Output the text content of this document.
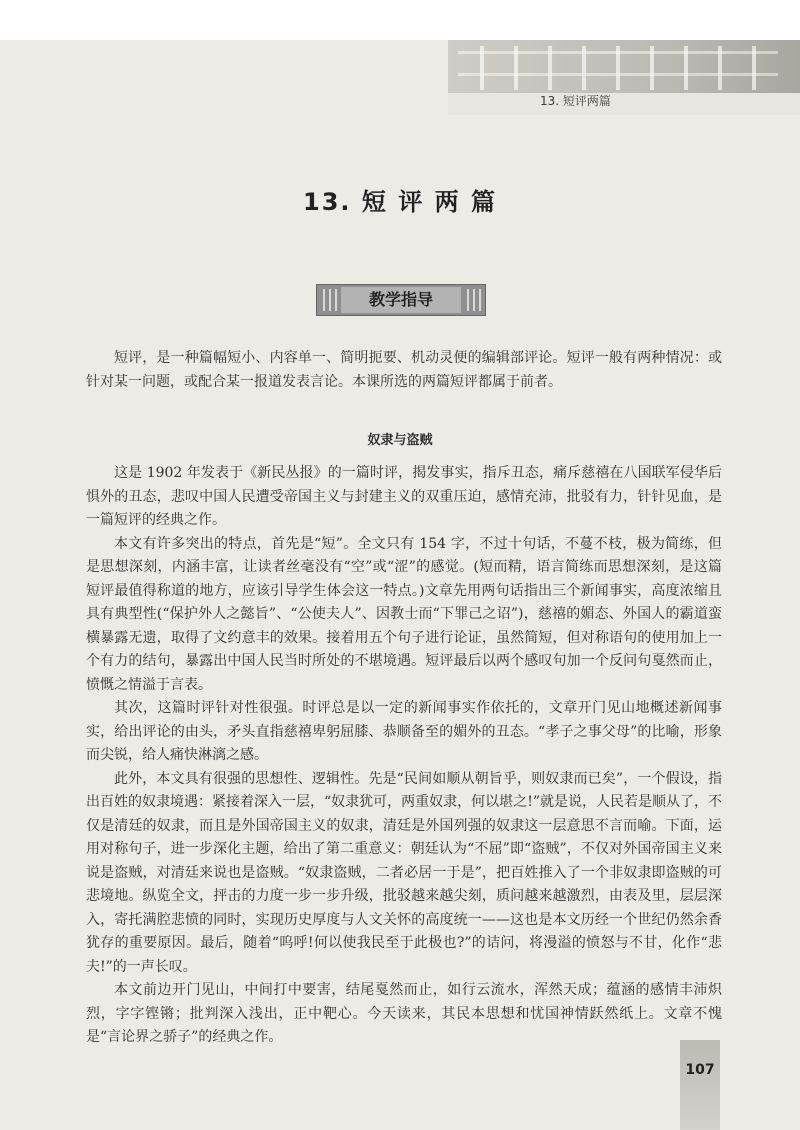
13. 短评两篇
13. 短 评 两 篇
教学指导

短评，是一种篇幅短小、内容单一、简明扼要、机动灵便的编辑部评论。短评一般有两种情况：或针对某一问题，或配合某一报道发表言论。本课所选的两篇短评都属于前者。

奴隶与盗贼

这是 1902 年发表于《新民丛报》的一篇时评，揭发事实，指斥丑态，痛斥慈禧在八国联军侵华后惧外的丑态，悲叹中国人民遭受帝国主义与封建主义的双重压迫，感情充沛，批驳有力，针针见血，是一篇短评的经典之作。

本文有许多突出的特点，首先是“短”。全文只有 154 字，不过十句话，不蔓不枝，极为简练，但是思想深刻，内涵丰富，让读者丝毫没有“空”或“涩”的感觉。(短而精，语言简练而思想深刻，是这篇短评最值得称道的地方，应该引导学生体会这一特点。)文章先用两句话指出三个新闻事实，高度浓缩且具有典型性(“保护外人之懿旨”、“公使夫人”、因教士而“下罪己之诏”)，慈禧的媚态、外国人的霸道蛮横暴露无遗，取得了文约意丰的效果。接着用五个句子进行论证，虽然简短，但对称语句的使用加上一个有力的结句，暴露出中国人民当时所处的不堪境遇。短评最后以两个感叹句加一个反问句戛然而止，愤慨之情溢于言表。

其次，这篇时评针对性很强。时评总是以一定的新闻事实作依托的，文章开门见山地概述新闻事实，给出评论的由头，矛头直指慈禧卑躬屈膝、恭顺备至的媚外的丑态。“孝子之事父母”的比喻，形象而尖锐，给人痛快淋漓之感。

此外，本文具有很强的思想性、逻辑性。先是“民间如顺从朝旨乎，则奴隶而已矣”，一个假设，指出百姓的奴隶境遇：紧接着深入一层，“奴隶犹可，两重奴隶，何以堪之!”就是说，人民若是顺从了，不仅是清廷的奴隶，而且是外国帝国主义的奴隶，清廷是外国列强的奴隶这一层意思不言而喻。下面，运用对称句子，进一步深化主题，给出了第二重意义：朝廷认为“不屈”即“盗贼”，不仅对外国帝国主义来说是盗贼，对清廷来说也是盗贼。“奴隶盗贼，二者必居一于是”，把百姓推入了一个非奴隶即盗贼的可悲境地。纵览全文，抨击的力度一步一步升级，批驳越来越尖刻，质问越来越激烈，由表及里，层层深入，寄托满腔悲愤的同时，实现历史厚度与人文关怀的高度统一——这也是本文历经一个世纪仍然余香犹存的重要原因。最后，随着“呜呼!何以使我民至于此极也?”的诘问，将漫溢的愤怒与不甘，化作“悲夫!”的一声长叹。

本文前边开门见山，中间打中要害，结尾戛然而止，如行云流水，浑然天成；蕴涵的感情丰沛炽烈，字字铿锵；批判深入浅出，正中靶心。今天读来，其民本思想和忧国神情跃然纸上。文章不愧是“言论界之骄子”的经典之作。

107
